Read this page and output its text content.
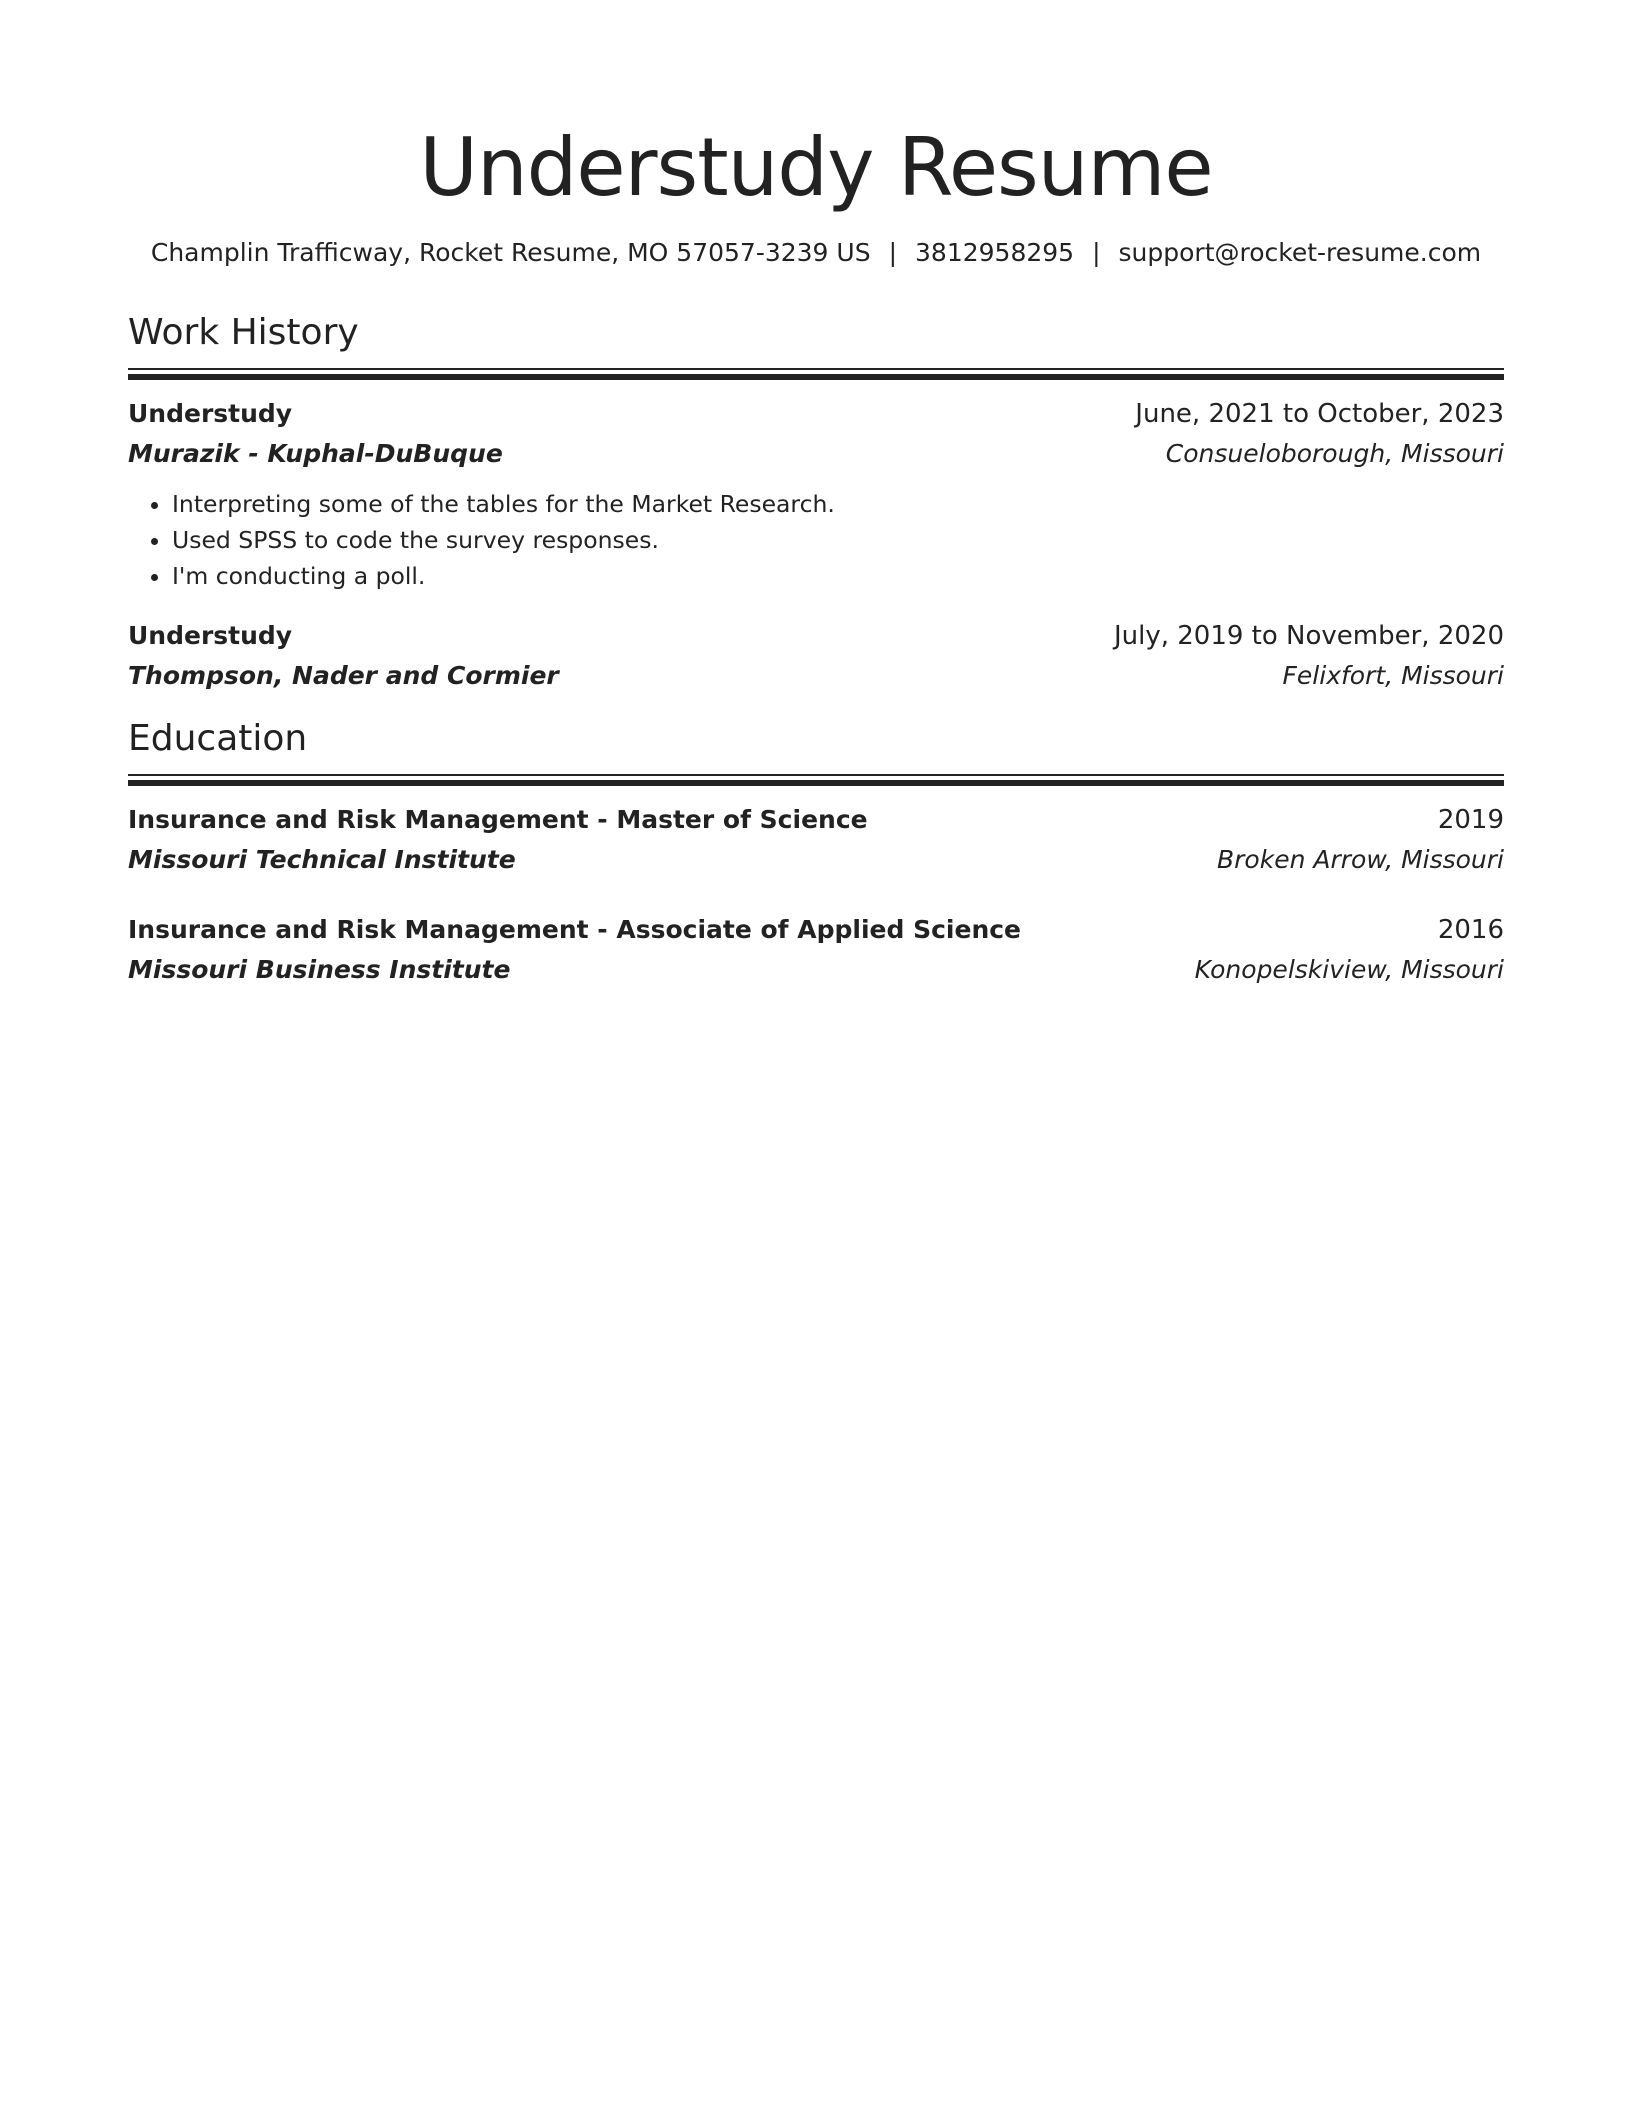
Understudy Resume
Champlin Trafficway, Rocket Resume, MO 57057-3239 US | 3812958295 | support@rocket-resume.com
Work History
Understudy	June, 2021 to October, 2023
Murazik - Kuphal-DuBuque	Consueloborough, Missouri
• Interpreting some of the tables for the Market Research.
• Used SPSS to code the survey responses.
• I'm conducting a poll.
Understudy	July, 2019 to November, 2020
Thompson, Nader and Cormier	Felixfort, Missouri
Education
Insurance and Risk Management - Master of Science	2019
Missouri Technical Institute	Broken Arrow, Missouri
Insurance and Risk Management - Associate of Applied Science	2016
Missouri Business Institute	Konopelskiview, Missouri
